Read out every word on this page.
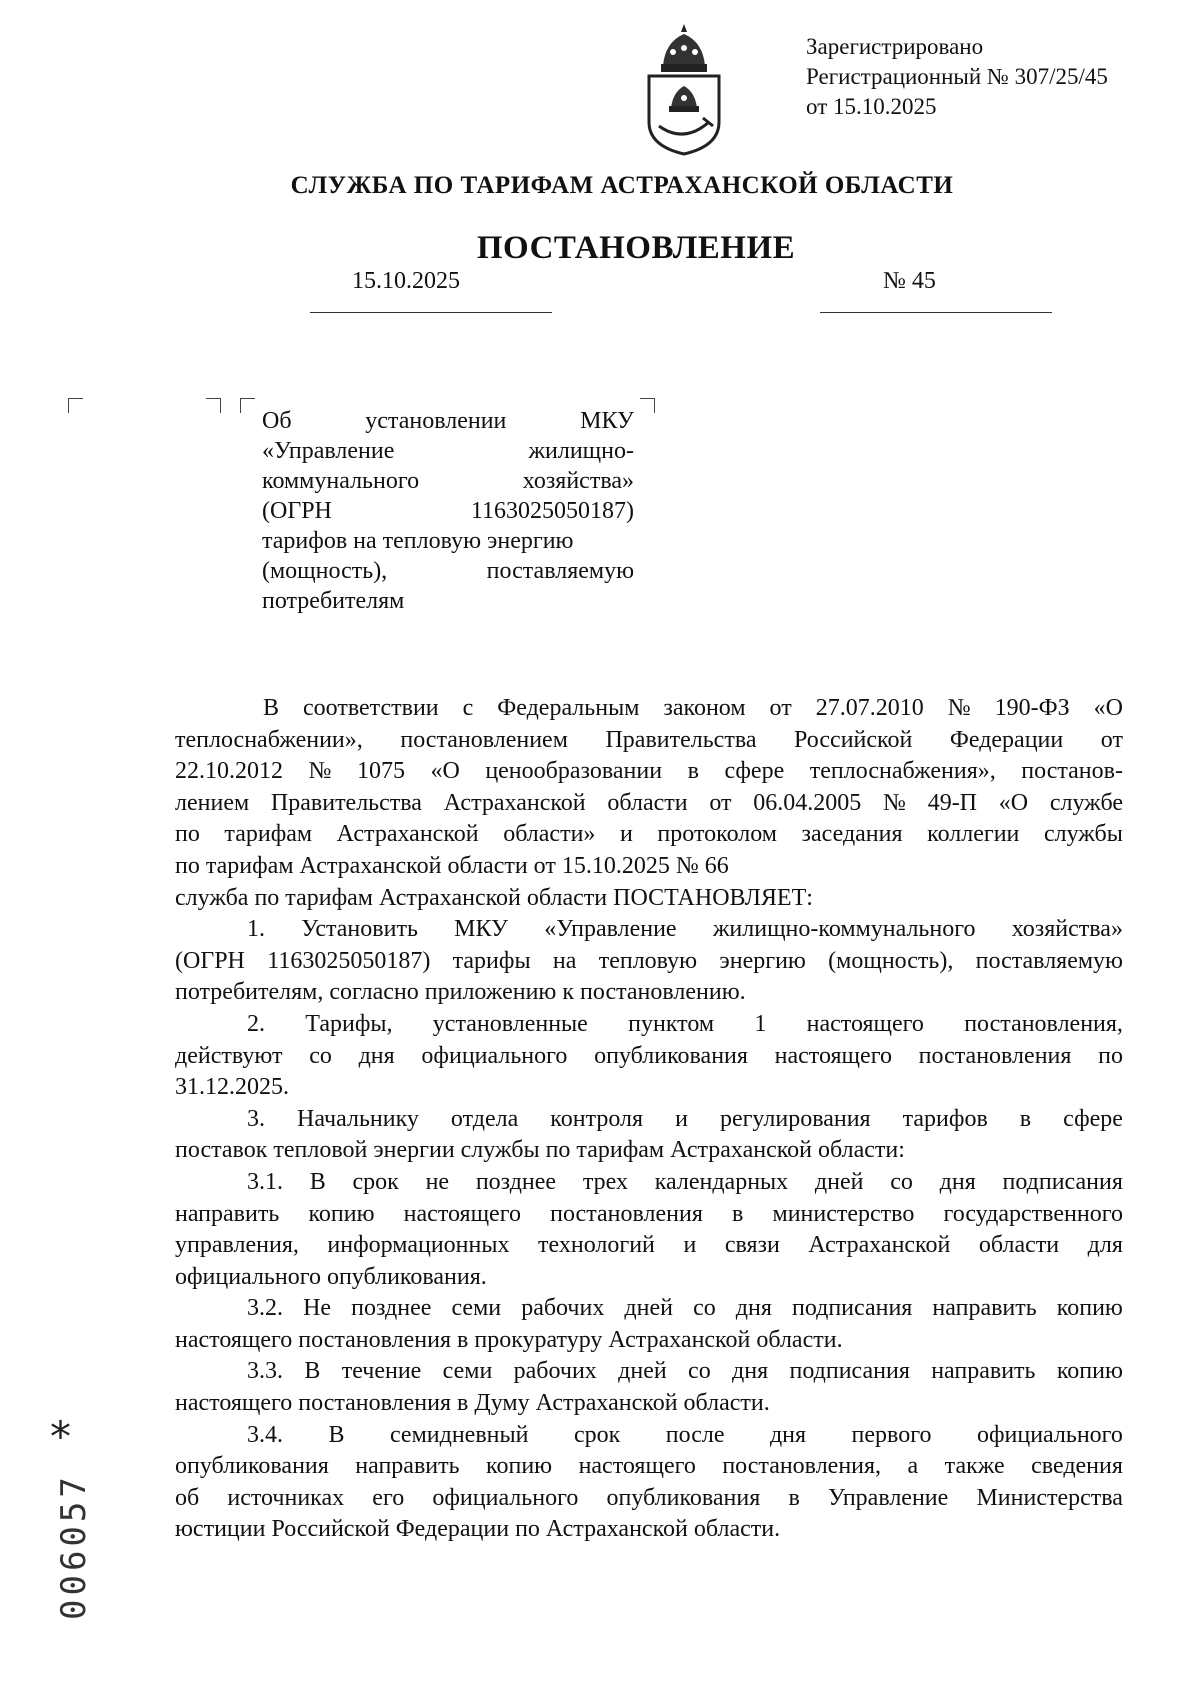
Зарегистрировано
Регистрационный № 307/25/45
от 15.10.2025
СЛУЖБА ПО ТАРИФАМ АСТРАХАНСКОЙ ОБЛАСТИ
ПОСТАНОВЛЕНИЕ
15.10.2025	№ 45
Об	установлении	МКУ
«Управление	жилищно-
коммунального	хозяйства»
(ОГРН	1163025050187)
тарифов на тепловую энергию
(мощность),	поставляемую
потребителям
В соответствии с Федеральным законом от 27.07.2010 № 190-ФЗ «О
теплоснабжении», постановлением Правительства Российской Федерации от
22.10.2012 № 1075 «О ценообразовании в сфере теплоснабжения», постанов-
лением Правительства Астраханской области от 06.04.2005 № 49-П «О службе
по тарифам Астраханской области» и протоколом заседания коллегии службы
по тарифам Астраханской области от 15.10.2025 № 66
служба по тарифам Астраханской области ПОСТАНОВЛЯЕТ:
1. Установить МКУ «Управление жилищно-коммунального хозяйства»
(ОГРН 1163025050187) тарифы на тепловую энергию (мощность), поставляемую
потребителям, согласно приложению к постановлению.
2. Тарифы, установленные пунктом 1 настоящего постановления,
действуют со дня официального опубликования настоящего постановления по
31.12.2025.
3. Начальнику отдела контроля и регулирования тарифов в сфере
поставок тепловой энергии службы по тарифам Астраханской области:
3.1. В срок не позднее трех календарных дней со дня подписания
направить копию настоящего постановления в министерство государственного
управления, информационных технологий и связи Астраханской области для
официального опубликования.
3.2. Не позднее семи рабочих дней со дня подписания направить копию
настоящего постановления в прокуратуру Астраханской области.
3.3. В течение семи рабочих дней со дня подписания направить копию
настоящего постановления в Думу Астраханской области.
3.4. В семидневный срок после дня первого официального
опубликования направить копию настоящего постановления, а также сведения
об источниках его официального опубликования в Управление Министерства
юстиции Российской Федерации по Астраханской области.
*
006057
